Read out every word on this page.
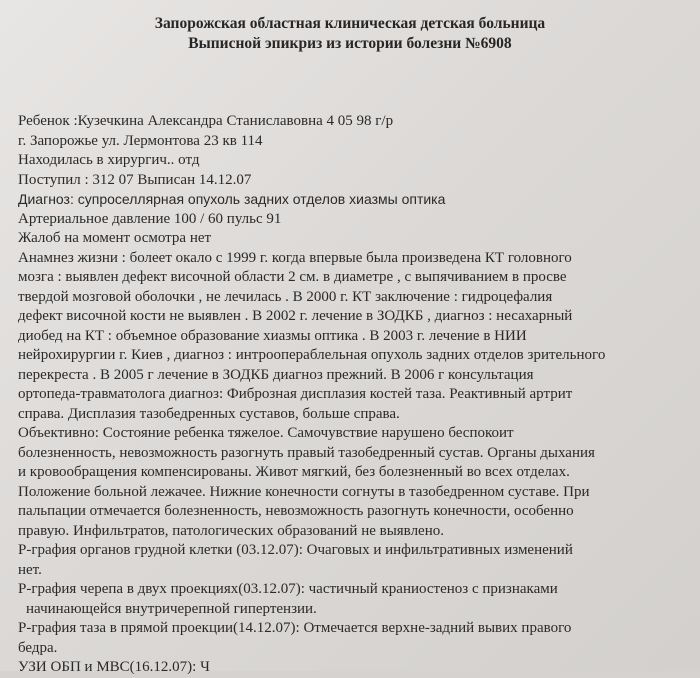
Запорожская областная клиническая детская больница
Выписной эпикриз из истории болезни №6908
Ребенок :Кузечкина Александра Станиславовна 4 05 98 г/р
г. Запорожье ул. Лермонтова 23 кв 114
Находилась в хирургич.. отд
Поступил : 312 07 Выписан 14.12.07
Диагноз: супроселлярная опухоль задних отделов хиазмы оптика
Артериальное давление 100 / 60 пульс 91
Жалоб на момент осмотра нет
Анамнез жизни : болеет окало с 1999 г. когда впервые была произведена КТ головного
мозга : выявлен дефект височной области 2 см. в диаметре , с выпячиванием в просве
твердой мозговой оболочки , не лечилась . В 2000 г. КТ заключение : гидроцефалия
дефект височной кости не выявлен . В 2002 г. лечение в ЗОДКБ , диагноз : несахарный
диобед на КТ : объемное образование хиазмы оптика . В 2003 г. лечение в НИИ
нейрохирургии г. Киев , диагноз : интроопераблельная опухоль задних отделов зрительного
перекреста . В 2005 г лечение в ЗОДКБ диагноз прежний. В 2006 г консультация
ортопеда-травматолога диагноз: Фиброзная дисплазия костей таза. Реактивный артрит
справа. Дисплазия тазобедренных суставов, больше справа.
Объективно: Состояние ребенка тяжелое. Самочувствие нарушено беспокоит
болезненность, невозможность разогнуть правый тазобедренный сустав. Органы дыхания
и кровообращения компенсированы. Живот мягкий, без болезненный во всех отделах.
Положение больной лежачее. Нижние конечности согнуты в тазобедренном суставе. При
пальпации отмечается болезненность, невозможность разогнуть конечности, особенно
правую. Инфильтратов, патологических образований не выявлено.
Р-графия органов грудной клетки (03.12.07): Очаговых и инфильтративных изменений
нет.
Р-графия черепа в двух проекциях(03.12.07): частичный краниостеноз с признаками
начинающейся внутричерепной гипертензии.
Р-графия таза в прямой проекции(14.12.07): Отмечается верхне-задний вывих правого
бедра.
УЗИ ОБП и МВС(16.12.07): Ч
